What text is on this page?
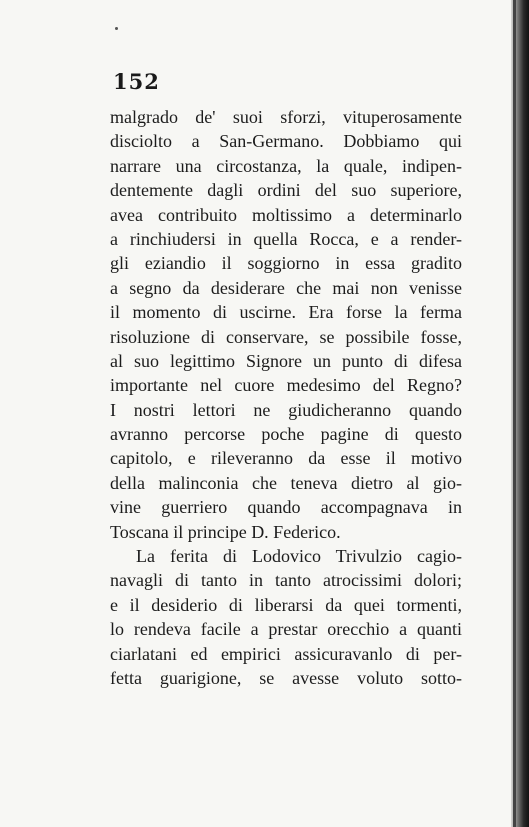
152
malgrado de' suoi sforzi, vituperosamente
disciolto a San-Germano. Dobbiamo qui
narrare una circostanza, la quale, indipen-
dentemente dagli ordini del suo superiore,
avea contribuito moltissimo a determinarlo
a rinchiudersi in quella Rocca, e a render-
gli eziandio il soggiorno in essa gradito
a segno da desiderare che mai non venisse
il momento di uscirne. Era forse la ferma
risoluzione di conservare, se possibile fosse,
al suo legittimo Signore un punto di difesa
importante nel cuore medesimo del Regno?
I nostri lettori ne giudicheranno quando
avranno percorse poche pagine di questo
capitolo, e rileveranno da esse il motivo
della malinconia che teneva dietro al gio-
vine guerriero quando accompagnava in
Toscana il principe D. Federico.
La ferita di Lodovico Trivulzio cagio-
navagli di tanto in tanto atrocissimi dolori;
e il desiderio di liberarsi da quei tormenti,
lo rendeva facile a prestar orecchio a quanti
ciarlatani ed empirici assicuravanlo di per-
fetta guarigione, se avesse voluto sotto-
